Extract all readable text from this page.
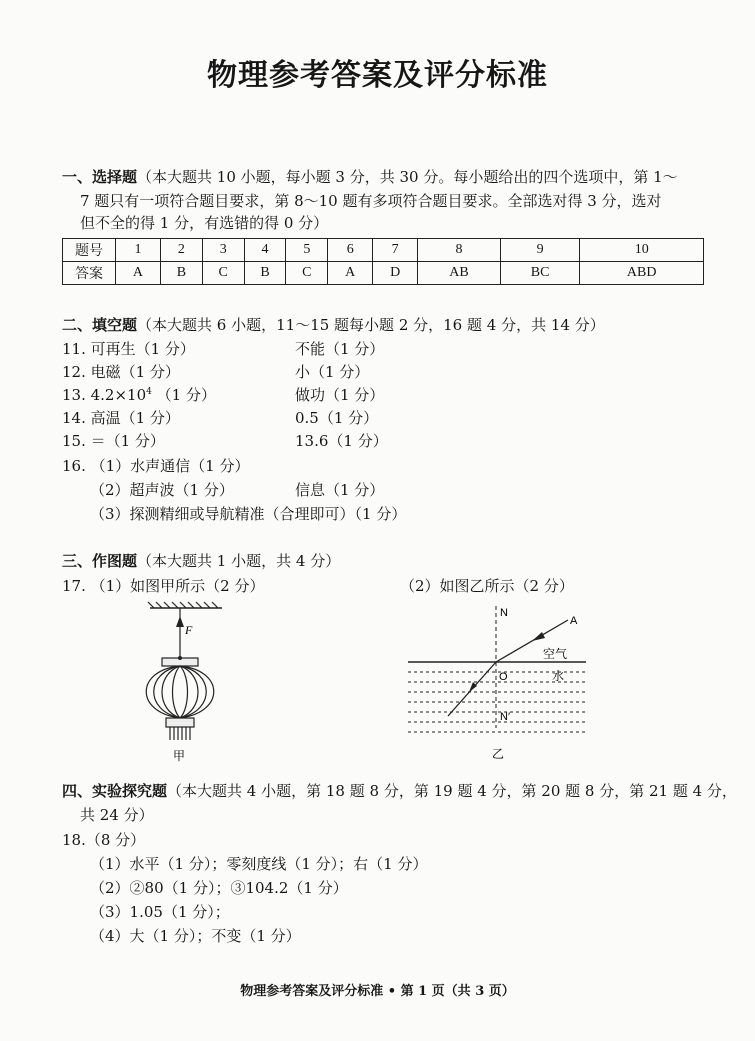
物理参考答案及评分标准
一、选择题（本大题共 10 小题，每小题 3 分，共 30 分。每小题给出的四个选项中，第 1～
7 题只有一项符合题目要求，第 8～10 题有多项符合题目要求。全部选对得 3 分，选对
但不全的得 1 分，有选错的得 0 分）
题号	1	2	3	4	5	6	7	8	9	10
答案	A	B	C	B	C	A	D	AB	BC	ABD
二、填空题（本大题共 6 小题，11～15 题每小题 2 分，16 题 4 分，共 14 分）
11. 可再生（1 分）	不能（1 分）
12. 电磁（1 分）	小（1 分）
13. $4.2\times 10^4$ （1 分）	做功（1 分）
14. 高温（1 分）	0.5（1 分）
15. ＝（1 分）	13.6（1 分）
16. （1）水声通信（1 分）
（2）超声波（1 分）	信息（1 分）
（3）探测精细或导航精准（合理即可）（1 分）
三、作图题（本大题共 1 小题，共 4 分）
17. （1）如图甲所示（2 分）	（2）如图乙所示（2 分）
F
甲
N
A
空气
O	水
N′
乙
四、实验探究题（本大题共 4 小题，第 18 题 8 分，第 19 题 4 分，第 20 题 8 分，第 21 题 4 分，
共 24 分）
18.（8 分）
（1）水平（1 分）；零刻度线（1 分）；右（1 分）
（2）②80（1 分）；③104.2（1 分）
（3）1.05（1 分）；
（4）大（1 分）；不变（1 分）
物理参考答案及评分标准 • 第 1 页（共 3 页）
